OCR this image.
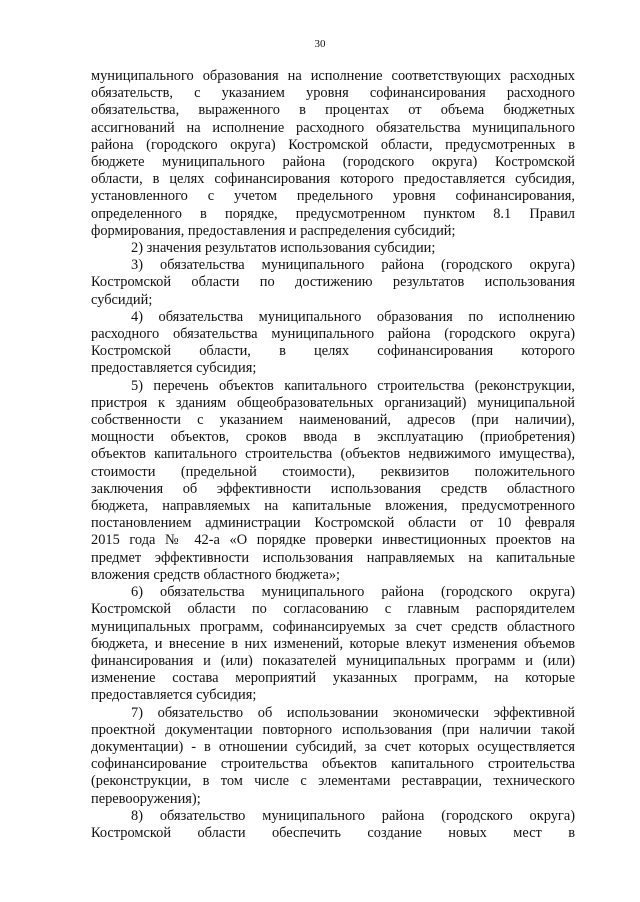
30

муниципального образования на исполнение соответствующих расходных

обязательств, с указанием уровня софинансирования расходного

обязательства, выраженного в процентах от объема бюджетных

ассигнований на исполнение расходного обязательства муниципального

района (городского округа) Костромской области, предусмотренных в

бюджете муниципального района (городского округа) Костромской

области, в целях софинансирования которого предоставляется субсидия,

установленного с учетом предельного уровня софинансирования,

определенного в порядке, предусмотренном пунктом 8.1 Правил

формирования, предоставления и распределения субсидий;

2) значения результатов использования субсидии;

3) обязательства муниципального района (городского округа)

Костромской области по достижению результатов использования

субсидий;

4) обязательства муниципального образования по исполнению

расходного обязательства муниципального района (городского округа)

Костромской области, в целях софинансирования которого

предоставляется субсидия;

5) перечень объектов капитального строительства (реконструкции,

пристроя к зданиям общеобразовательных организаций) муниципальной

собственности с указанием наименований, адресов (при наличии),

мощности объектов, сроков ввода в эксплуатацию (приобретения)

объектов капитального строительства (объектов недвижимого имущества),

стоимости (предельной стоимости), реквизитов положительного

заключения об эффективности использования средств областного

бюджета, направляемых на капитальные вложения, предусмотренного

постановлением администрации Костромской области от 10 февраля

2015 года № 42-а «О порядке проверки инвестиционных проектов на

предмет эффективности использования направляемых на капитальные

вложения средств областного бюджета»;

6) обязательства муниципального района (городского округа)

Костромской области по согласованию с главным распорядителем

муниципальных программ, софинансируемых за счет средств областного

бюджета, и внесение в них изменений, которые влекут изменения объемов

финансирования и (или) показателей муниципальных программ и (или)

изменение состава мероприятий указанных программ, на которые

предоставляется субсидия;

7) обязательство об использовании экономически эффективной

проектной документации повторного использования (при наличии такой

документации) - в отношении субсидий, за счет которых осуществляется

софинансирование строительства объектов капитального строительства

(реконструкции, в том числе с элементами реставрации, технического

перевооружения);

8) обязательство муниципального района (городского округа)

Костромской области обеспечить создание новых мест в
